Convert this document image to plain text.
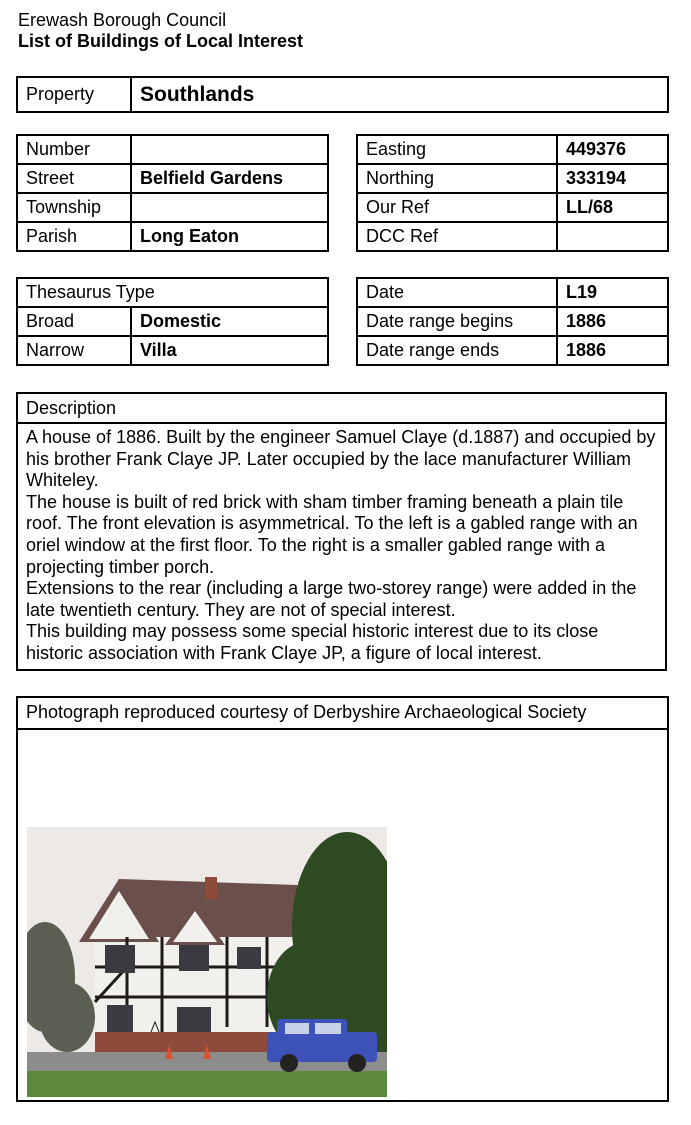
Erewash Borough Council
List of Buildings of Local Interest
Property	Southlands
Number	
Street	Belfield Gardens
Township	
Parish	Long Eaton
Easting	449376
Northing	333194
Our Ref	LL/68
DCC Ref	
Thesaurus Type	
Broad	Domestic
Narrow	Villa
Date	L19
Date range begins	1886
Date range ends	1886
Description

A house of 1886. Built by the engineer Samuel Claye (d.1887) and occupied by his brother Frank Claye JP. Later occupied by the lace manufacturer William Whiteley.

The house is built of red brick with sham timber framing beneath a plain tile roof. The front elevation is asymmetrical. To the left is a gabled range with an oriel window at the first floor. To the right is a smaller gabled range with a projecting timber porch.

Extensions to the rear (including a large two-storey range) were added in the late twentieth century. They are not of special interest.

This building may possess some special historic interest due to its close historic association with Frank Claye JP, a figure of local interest.

Photograph reproduced courtesy of Derbyshire Archaeological Society
